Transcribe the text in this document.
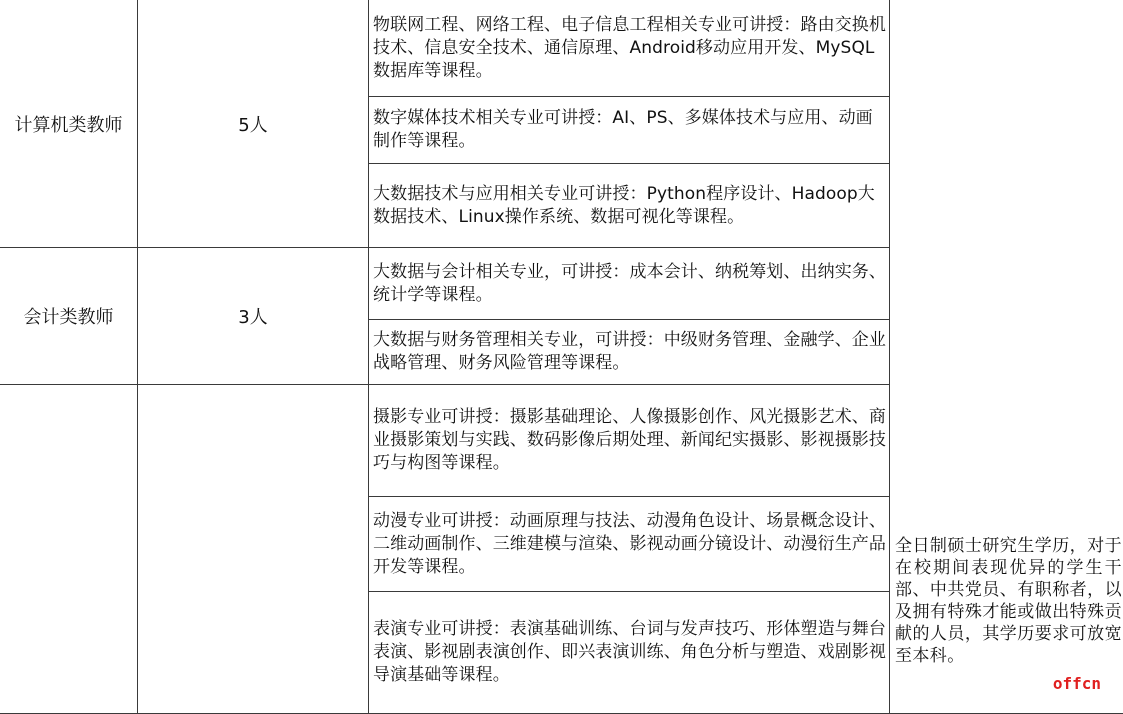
计算机类教师
会计类教师
5人
3人
物联网工程、网络工程、电子信息工程相关专业可讲授：路由交换机技术、信息安全技术、通信原理、Android移动应用开发、MySQL数据库等课程。
数字媒体技术相关专业可讲授：AI、PS、多媒体技术与应用、动画制作等课程。
大数据技术与应用相关专业可讲授：Python程序设计、Hadoop大数据技术、Linux操作系统、数据可视化等课程。
大数据与会计相关专业，可讲授：成本会计、纳税筹划、出纳实务、统计学等课程。
大数据与财务管理相关专业，可讲授：中级财务管理、金融学、企业战略管理、财务风险管理等课程。
摄影专业可讲授：摄影基础理论、人像摄影创作、风光摄影艺术、商业摄影策划与实践、数码影像后期处理、新闻纪实摄影、影视摄影技巧与构图等课程。
动漫专业可讲授：动画原理与技法、动漫角色设计、场景概念设计、二维动画制作、三维建模与渲染、影视动画分镜设计、动漫衍生产品开发等课程。
表演专业可讲授：表演基础训练、台词与发声技巧、形体塑造与舞台表演、影视剧表演创作、即兴表演训练、角色分析与塑造、戏剧影视导演基础等课程。
全日制硕士研究生学历，对于在校期间表现优异的学生干部、中共党员、有职称者，以及拥有特殊才能或做出特殊贡献的人员，其学历要求可放宽至本科。
offcn
